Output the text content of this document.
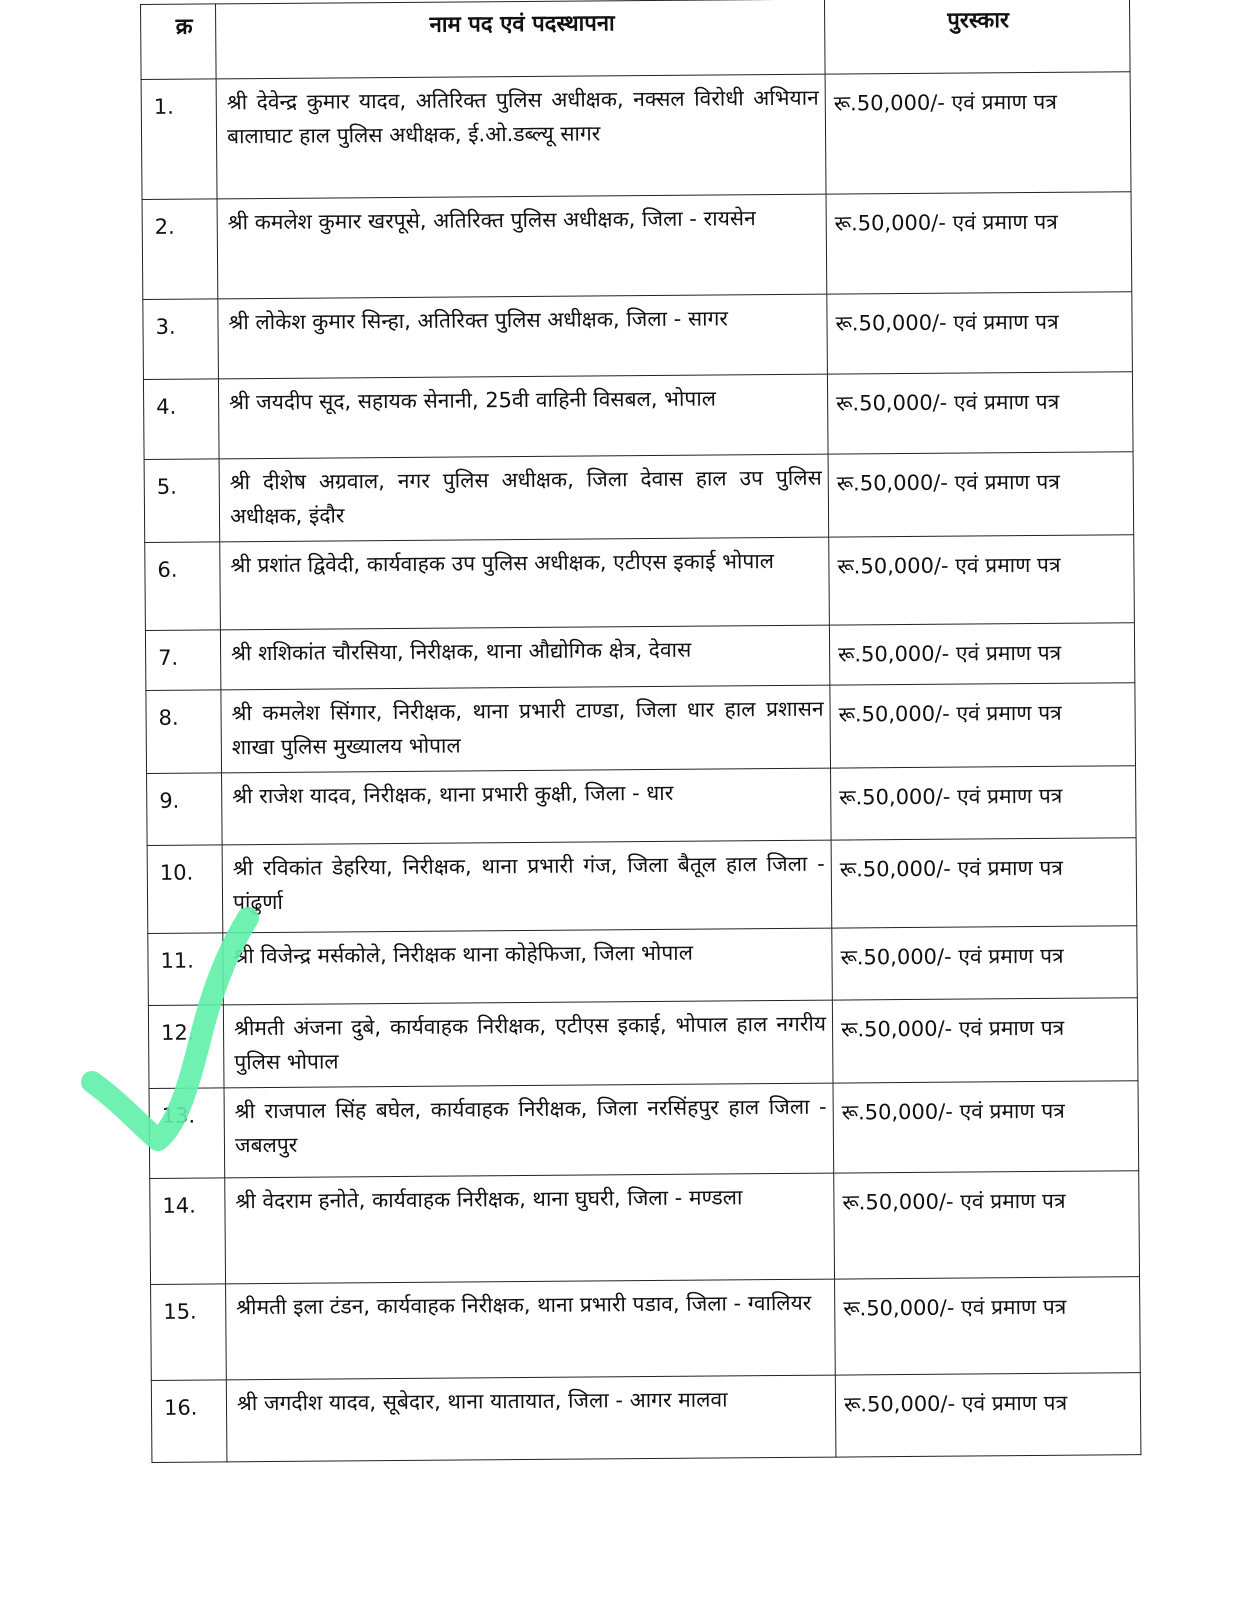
क्र	नाम पद एवं पदस्थापना	पुरस्कार
1.	श्री देवेन्द्र कुमार यादव, अतिरिक्त पुलिस अधीक्षक, नक्सल विरोधी अभियान बालाघाट हाल पुलिस अधीक्षक, ई.ओ.डब्ल्यू सागर	रू.50,000/- एवं प्रमाण पत्र
2.	श्री कमलेश कुमार खरपूसे, अतिरिक्त पुलिस अधीक्षक, जिला - रायसेन	रू.50,000/- एवं प्रमाण पत्र
3.	श्री लोकेश कुमार सिन्हा, अतिरिक्त पुलिस अधीक्षक, जिला - सागर	रू.50,000/- एवं प्रमाण पत्र
4.	श्री जयदीप सूद, सहायक सेनानी, 25वी वाहिनी विसबल, भोपाल	रू.50,000/- एवं प्रमाण पत्र
5.	श्री दीशेष अग्रवाल, नगर पुलिस अधीक्षक, जिला देवास हाल उप पुलिस अधीक्षक, इंदौर	रू.50,000/- एवं प्रमाण पत्र
6.	श्री प्रशांत द्विवेदी, कार्यवाहक उप पुलिस अधीक्षक, एटीएस इकाई भोपाल	रू.50,000/- एवं प्रमाण पत्र
7.	श्री शशिकांत चौरसिया, निरीक्षक, थाना औद्योगिक क्षेत्र, देवास	रू.50,000/- एवं प्रमाण पत्र
8.	श्री कमलेश सिंगार, निरीक्षक, थाना प्रभारी टाण्डा, जिला धार हाल प्रशासन शाखा पुलिस मुख्यालय भोपाल	रू.50,000/- एवं प्रमाण पत्र
9.	श्री राजेश यादव, निरीक्षक, थाना प्रभारी कुक्षी, जिला - धार	रू.50,000/- एवं प्रमाण पत्र
10.	श्री रविकांत डेहरिया, निरीक्षक, थाना प्रभारी गंज, जिला बैतूल हाल जिला - पांढुर्णा	रू.50,000/- एवं प्रमाण पत्र
11.	श्री विजेन्द्र मर्सकोले, निरीक्षक थाना कोहेफिजा, जिला भोपाल	रू.50,000/- एवं प्रमाण पत्र
12.	श्रीमती अंजना दुबे, कार्यवाहक निरीक्षक, एटीएस इकाई, भोपाल हाल नगरीय पुलिस भोपाल	रू.50,000/- एवं प्रमाण पत्र
13.	श्री राजपाल सिंह बघेल, कार्यवाहक निरीक्षक, जिला नरसिंहपुर हाल जिला - जबलपुर	रू.50,000/- एवं प्रमाण पत्र
14.	श्री वेदराम हनोते, कार्यवाहक निरीक्षक, थाना घुघरी, जिला - मण्डला	रू.50,000/- एवं प्रमाण पत्र
15.	श्रीमती इला टंडन, कार्यवाहक निरीक्षक, थाना प्रभारी पडाव, जिला - ग्वालियर	रू.50,000/- एवं प्रमाण पत्र
16.	श्री जगदीश यादव, सूबेदार, थाना यातायात, जिला - आगर मालवा	रू.50,000/- एवं प्रमाण पत्र
